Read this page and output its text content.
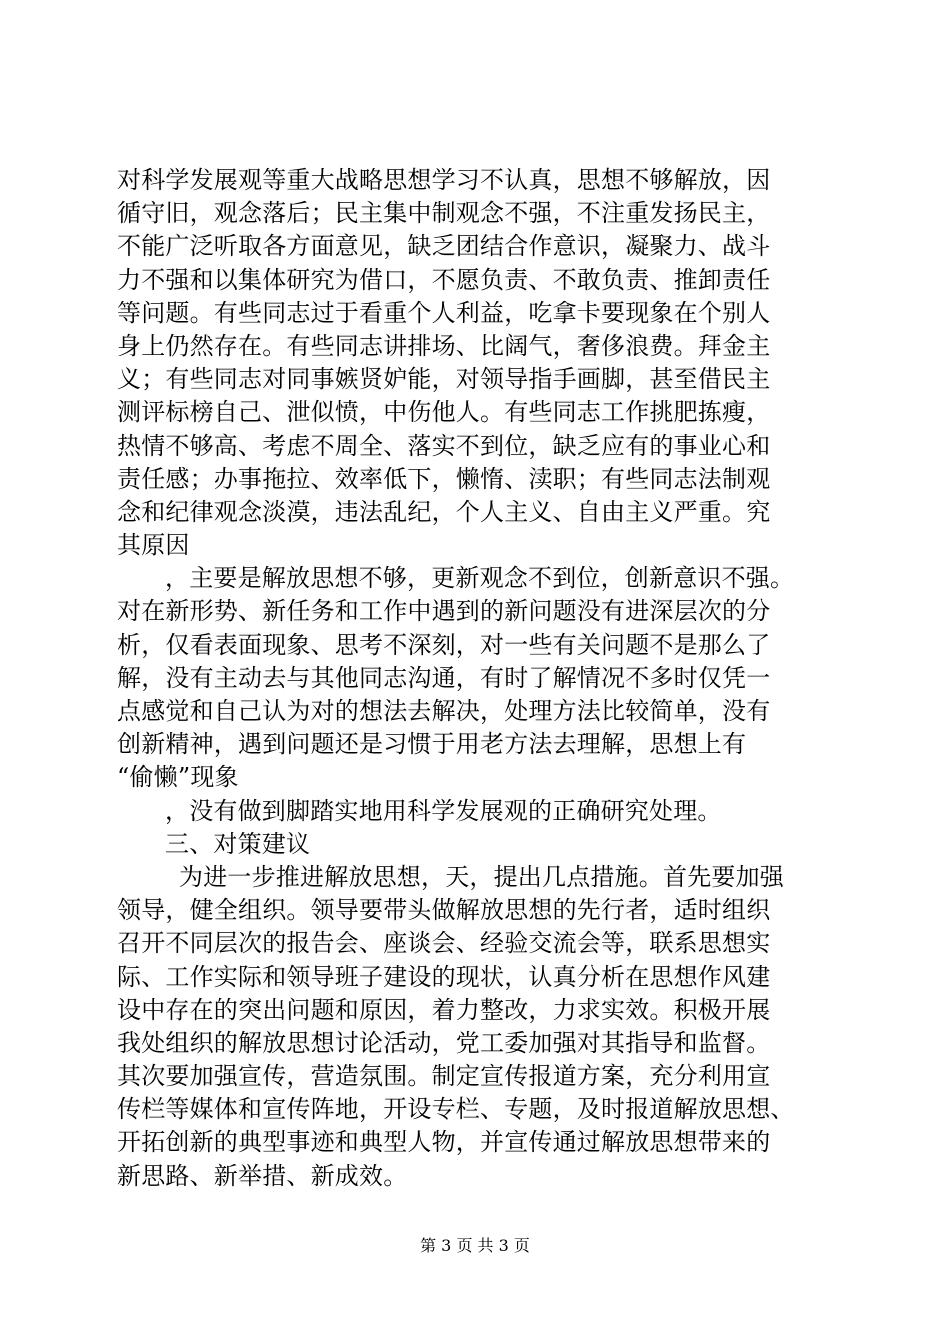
对科学发展观等重大战略思想学习不认真，思想不够解放，因
循守旧，观念落后；民主集中制观念不强，不注重发扬民主，
不能广泛听取各方面意见，缺乏团结合作意识，凝聚力、战斗
力不强和以集体研究为借口，不愿负责、不敢负责、推卸责任
等问题。有些同志过于看重个人利益，吃拿卡要现象在个别人
身上仍然存在。有些同志讲排场、比阔气，奢侈浪费。拜金主
义；有些同志对同事嫉贤妒能，对领导指手画脚，甚至借民主
测评标榜自己、泄似愤，中伤他人。有些同志工作挑肥拣瘦，
热情不够高、考虑不周全、落实不到位，缺乏应有的事业心和
责任感；办事拖拉、效率低下，懒惰、渎职；有些同志法制观
念和纪律观念淡漠，违法乱纪，个人主义、自由主义严重。究
其原因
，主要是解放思想不够，更新观念不到位，创新意识不强。
对在新形势、新任务和工作中遇到的新问题没有进深层次的分
析，仅看表面现象、思考不深刻，对一些有关问题不是那么了
解，没有主动去与其他同志沟通，有时了解情况不多时仅凭一
点感觉和自己认为对的想法去解决，处理方法比较简单，没有
创新精神，遇到问题还是习惯于用老方法去理解，思想上有
“偷懒”现象
，没有做到脚踏实地用科学发展观的正确研究处理。
三、对策建议
为进一步推进解放思想，天，提出几点措施。首先要加强
领导，健全组织。领导要带头做解放思想的先行者，适时组织
召开不同层次的报告会、座谈会、经验交流会等，联系思想实
际、工作实际和领导班子建设的现状，认真分析在思想作风建
设中存在的突出问题和原因，着力整改，力求实效。积极开展
我处组织的解放思想讨论活动，党工委加强对其指导和监督。
其次要加强宣传，营造氛围。制定宣传报道方案，充分利用宣
传栏等媒体和宣传阵地，开设专栏、专题，及时报道解放思想、
开拓创新的典型事迹和典型人物，并宣传通过解放思想带来的
新思路、新举措、新成效。
第 3 页 共 3 页
